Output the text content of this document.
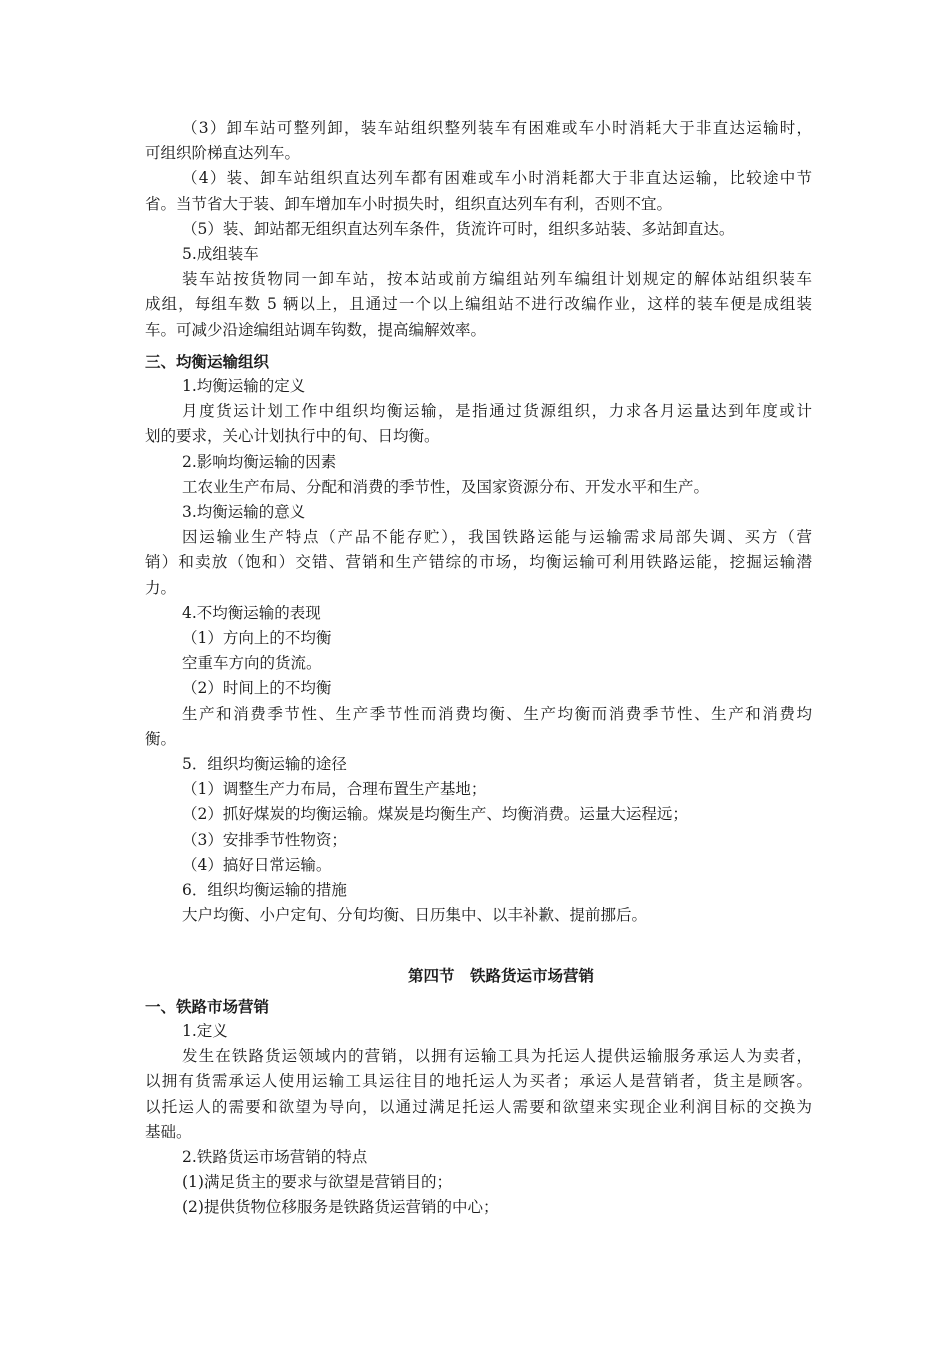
（3）卸车站可整列卸，装车站组织整列装车有困难或车小时消耗大于非直达运输时，
可组织阶梯直达列车。
（4）装、卸车站组织直达列车都有困难或车小时消耗都大于非直达运输，比较途中节
省。当节省大于装、卸车增加车小时损失时，组织直达列车有利，否则不宜。
（5）装、卸站都无组织直达列车条件，货流许可时，组织多站装、多站卸直达。
5.成组装车
装车站按货物同一卸车站，按本站或前方编组站列车编组计划规定的解体站组织装车
成组，每组车数 5 辆以上，且通过一个以上编组站不进行改编作业，这样的装车便是成组装
车。可减少沿途编组站调车钩数，提高编解效率。
三、均衡运输组织
1.均衡运输的定义
月度货运计划工作中组织均衡运输，是指通过货源组织，力求各月运量达到年度或计
划的要求，关心计划执行中的旬、日均衡。
2.影响均衡运输的因素
工农业生产布局、分配和消费的季节性，及国家资源分布、开发水平和生产。
3.均衡运输的意义
因运输业生产特点（产品不能存贮），我国铁路运能与运输需求局部失调、买方（营
销）和卖放（饱和）交错、营销和生产错综的市场，均衡运输可利用铁路运能，挖掘运输潜
力。
4.不均衡运输的表现
（1）方向上的不均衡
空重车方向的货流。
（2）时间上的不均衡
生产和消费季节性、生产季节性而消费均衡、生产均衡而消费季节性、生产和消费均
衡。
5．组织均衡运输的途径
（1）调整生产力布局，合理布置生产基地；
（2）抓好煤炭的均衡运输。煤炭是均衡生产、均衡消费。运量大运程远；
（3）安排季节性物资；
（4）搞好日常运输。
6．组织均衡运输的措施
大户均衡、小户定旬、分旬均衡、日历集中、以丰补歉、提前挪后。
第四节　铁路货运市场营销
一、铁路市场营销
1.定义
发生在铁路货运领域内的营销，以拥有运输工具为托运人提供运输服务承运人为卖者，
以拥有货需承运人使用运输工具运往目的地托运人为买者；承运人是营销者，货主是顾客。
以托运人的需要和欲望为导向，以通过满足托运人需要和欲望来实现企业利润目标的交换为
基础。
2.铁路货运市场营销的特点
(1)满足货主的要求与欲望是营销目的；
(2)提供货物位移服务是铁路货运营销的中心；
